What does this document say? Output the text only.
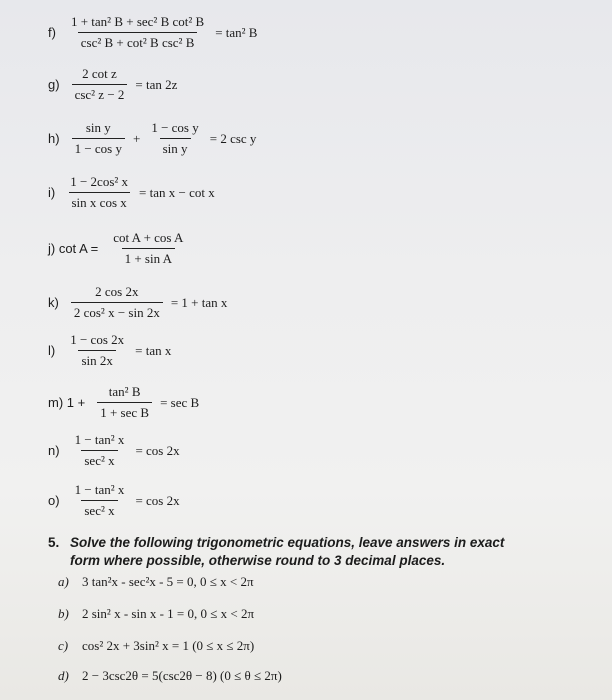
$f) \frac{\text{1 + tan² B + sec² B cot² B}}{\text{csc² B + cot² B csc² B}} = \tan^2$ B
$g) \frac{\text{2 cot z}}{\text{csc² z − 2}} = \tan 2z$
$h) \frac{\text{sin y}}{\text{1 − cos y}} + \frac{\text{1 − cos y}}{\text{sin y}} = 2$ csc y
$i) \frac{\text{1 − 2cos² x}}{\text{sin x cos x}} = \tan x - \cot x$
j) $\cot A = \frac{\text{cot A + cos A}}{\text{1 + sin A}}$
$k) \frac{2 \cos 2x}{\text{2 cos² x − sin 2x}} = 1 + \tan x$
$l) \frac{1 - \cos 2x}{\sin 2x} = \tan x$
m) $1 + \frac{\text{tan² B}}{\text{1 + sec B}} = \sec B$
$n) \frac{\text{1 − tan² x}}{\text{sec² x}} = \cos 2x$
$o) \frac{\text{1 − tan² x}}{\text{sec² x}} = \cos 2x$
5. Solve the following trigonometric equations, leave answers in exact form where possible, otherwise round to 3 decimal places.
a)	3 tan²x - sec²x - 5 = 0, 0 ≤ x < 2π
b)	2 sin² x - sin x - 1 = 0, 0 ≤ x < 2π
c)	cos² 2x + 3sin² x = 1 (0 ≤ x ≤ 2π)
d)	2 − 3csc2θ = 5(csc2θ − 8) (0 ≤ θ ≤ 2π)
